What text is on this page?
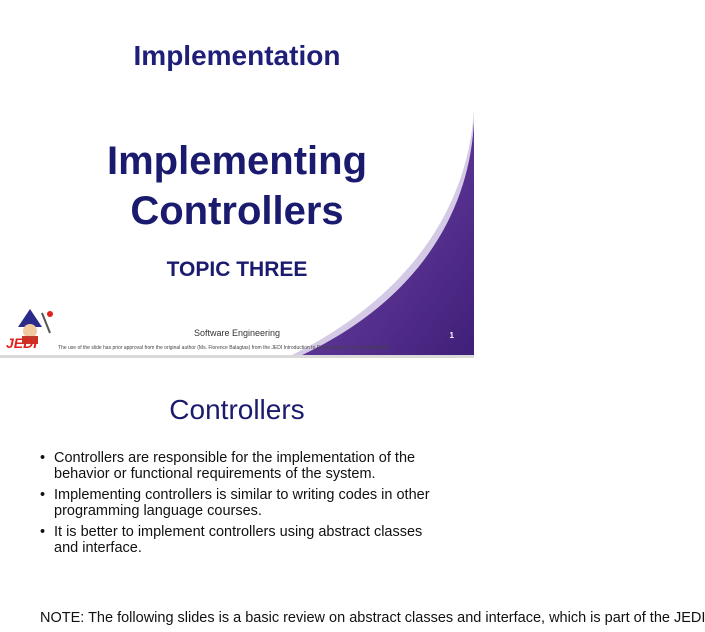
Implementation
Implementing
Controllers
TOPIC THREE
JEDI
Software Engineering
The use of the slide has prior approval from the original author (Ms. Florence Balagtas) from the JEDI Introduction to Programming I Course Materials.
1
Controllers
• Controllers are responsible for the implementation of the behavior or functional requirements of the system.
• Implementing controllers is similar to writing codes in other programming language courses.
• It is better to implement controllers using abstract classes and interface.
NOTE: The following slides is a basic review on abstract classes and interface, which is part of the JEDI
